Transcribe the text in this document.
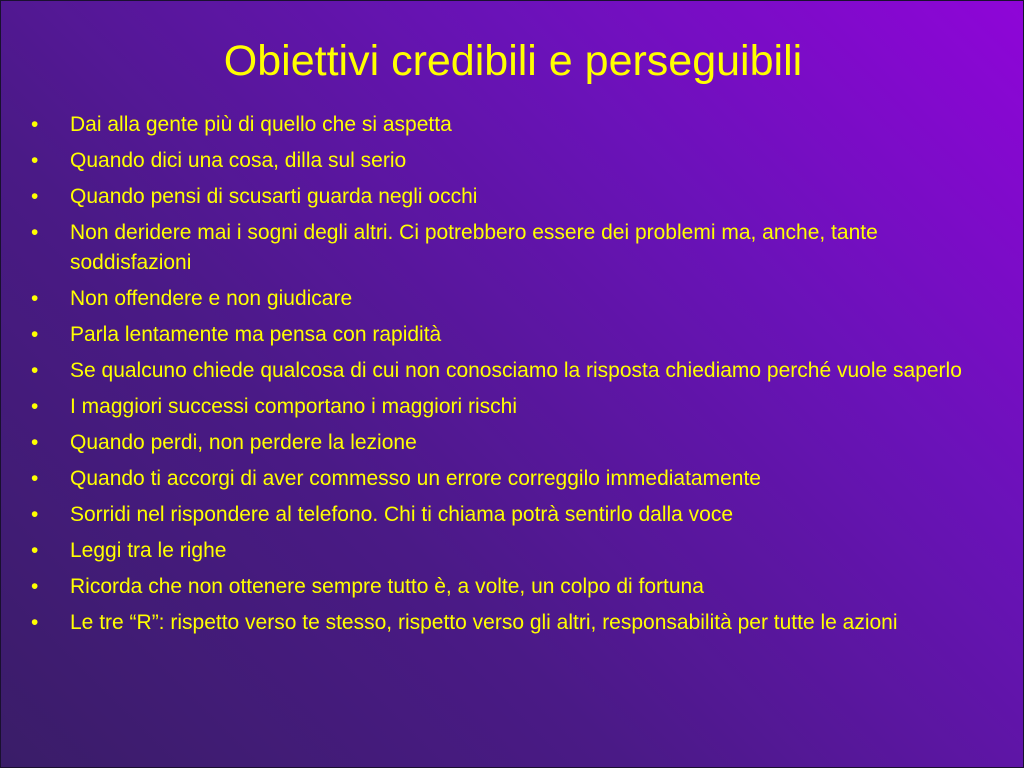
Obiettivi credibili e perseguibili
•	Dai alla gente più di quello che si aspetta
•	Quando dici una cosa, dilla sul serio
•	Quando pensi di scusarti guarda negli occhi
•	Non deridere mai i sogni degli altri. Ci potrebbero essere dei problemi ma, anche, tante soddisfazioni
•	Non offendere e non giudicare
•	Parla lentamente ma pensa con rapidità
•	Se qualcuno chiede qualcosa di cui non conosciamo la risposta chiediamo perché vuole saperlo
•	I maggiori successi comportano i maggiori rischi
•	Quando perdi, non perdere la lezione
•	Quando ti accorgi di aver commesso un errore correggilo immediatamente
•	Sorridi nel rispondere al telefono. Chi ti chiama potrà sentirlo dalla voce
•	Leggi tra le righe
•	Ricorda che non ottenere sempre tutto è, a volte, un colpo di fortuna
•	Le tre “R”: rispetto verso te stesso, rispetto verso gli altri, responsabilità per tutte le azioni
